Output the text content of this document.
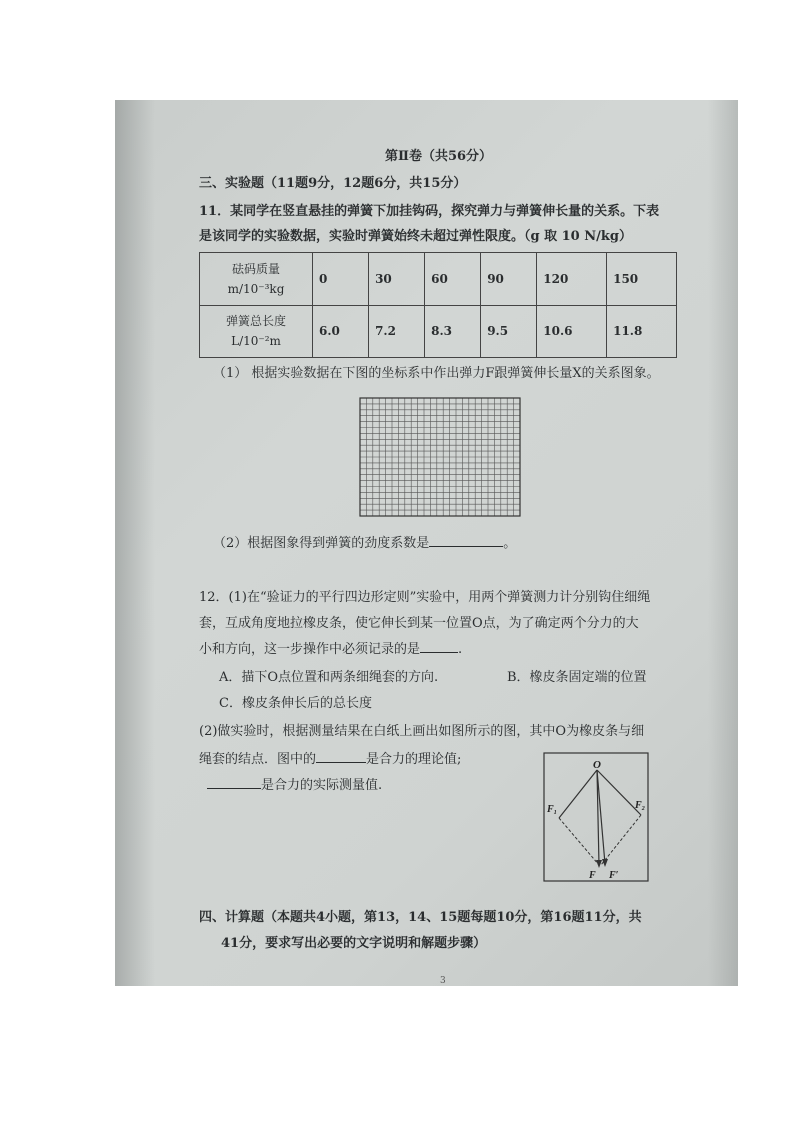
第Ⅱ卷（共56分）
三、实验题（11题9分，12题6分，共15分）
11．某同学在竖直悬挂的弹簧下加挂钩码，探究弹力与弹簧伸长量的关系。下表
是该同学的实验数据，实验时弹簧始终未超过弹性限度。（g 取 10 N/kg）
砝码质量
m/10⁻³kg	0	30	60	90	120	150
弹簧总长度
L/10⁻²m	6.0	7.2	8.3	9.5	10.6	11.8
（1） 根据实验数据在下图的坐标系中作出弹力F跟弹簧伸长量X的关系图象。
（2）根据图象得到弹簧的劲度系数是	。
12．(1)在“验证力的平行四边形定则”实验中，用两个弹簧测力计分别钩住细绳
套，互成角度地拉橡皮条，使它伸长到某一位置O点，为了确定两个分力的大
小和方向，这一步操作中必须记录的是	.
A．描下O点位置和两条细绳套的方向.	B．橡皮条固定端的位置
C．橡皮条伸长后的总长度
(2)做实验时，根据测量结果在白纸上画出如图所示的图，其中O为橡皮条与细
绳套的结点．图中的	是合力的理论值;
是合力的实际测量值.
O
F₁	F₂
F F′
四、计算题（本题共4小题，第13，14、15题每题10分，第16题11分，共
41分，要求写出必要的文字说明和解题步骤）
3
